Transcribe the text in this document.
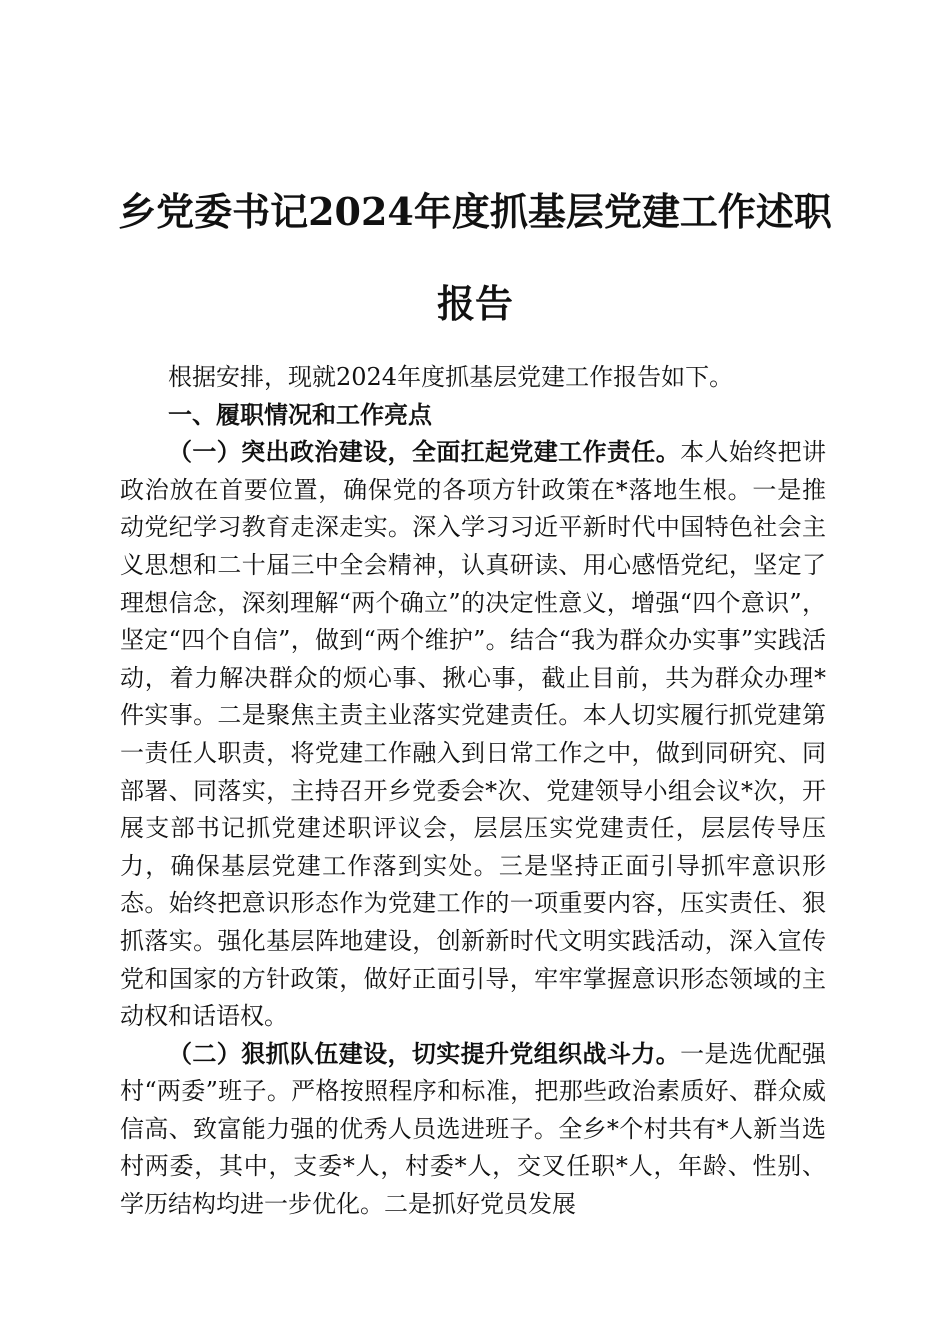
乡党委书记2024年度抓基层党建工作述职报告

根据安排，现就2024年度抓基层党建工作报告如下。

一、履职情况和工作亮点

（一）突出政治建设，全面扛起党建工作责任。本人始终把讲政治放在首要位置，确保党的各项方针政策在*落地生根。一是推动党纪学习教育走深走实。深入学习习近平新时代中国特色社会主义思想和二十届三中全会精神，认真研读、用心感悟党纪，坚定了理想信念，深刻理解“两个确立”的决定性意义，增强“四个意识”，坚定“四个自信”，做到“两个维护”。结合“我为群众办实事”实践活动，着力解决群众的烦心事、揪心事，截止目前，共为群众办理*件实事。二是聚焦主责主业落实党建责任。本人切实履行抓党建第一责任人职责，将党建工作融入到日常工作之中，做到同研究、同部署、同落实，主持召开乡党委会*次、党建领导小组会议*次，开展支部书记抓党建述职评议会，层层压实党建责任，层层传导压力，确保基层党建工作落到实处。三是坚持正面引导抓牢意识形态。始终把意识形态作为党建工作的一项重要内容，压实责任、狠抓落实。强化基层阵地建设，创新新时代文明实践活动，深入宣传党和国家的方针政策，做好正面引导，牢牢掌握意识形态领域的主动权和话语权。

（二）狠抓队伍建设，切实提升党组织战斗力。一是选优配强村“两委”班子。严格按照程序和标准，把那些政治素质好、群众威信高、致富能力强的优秀人员选进班子。全乡*个村共有*人新当选村两委，其中，支委*人，村委*人，交叉任职*人，年龄、性别、学历结构均进一步优化。二是抓好党员发展
